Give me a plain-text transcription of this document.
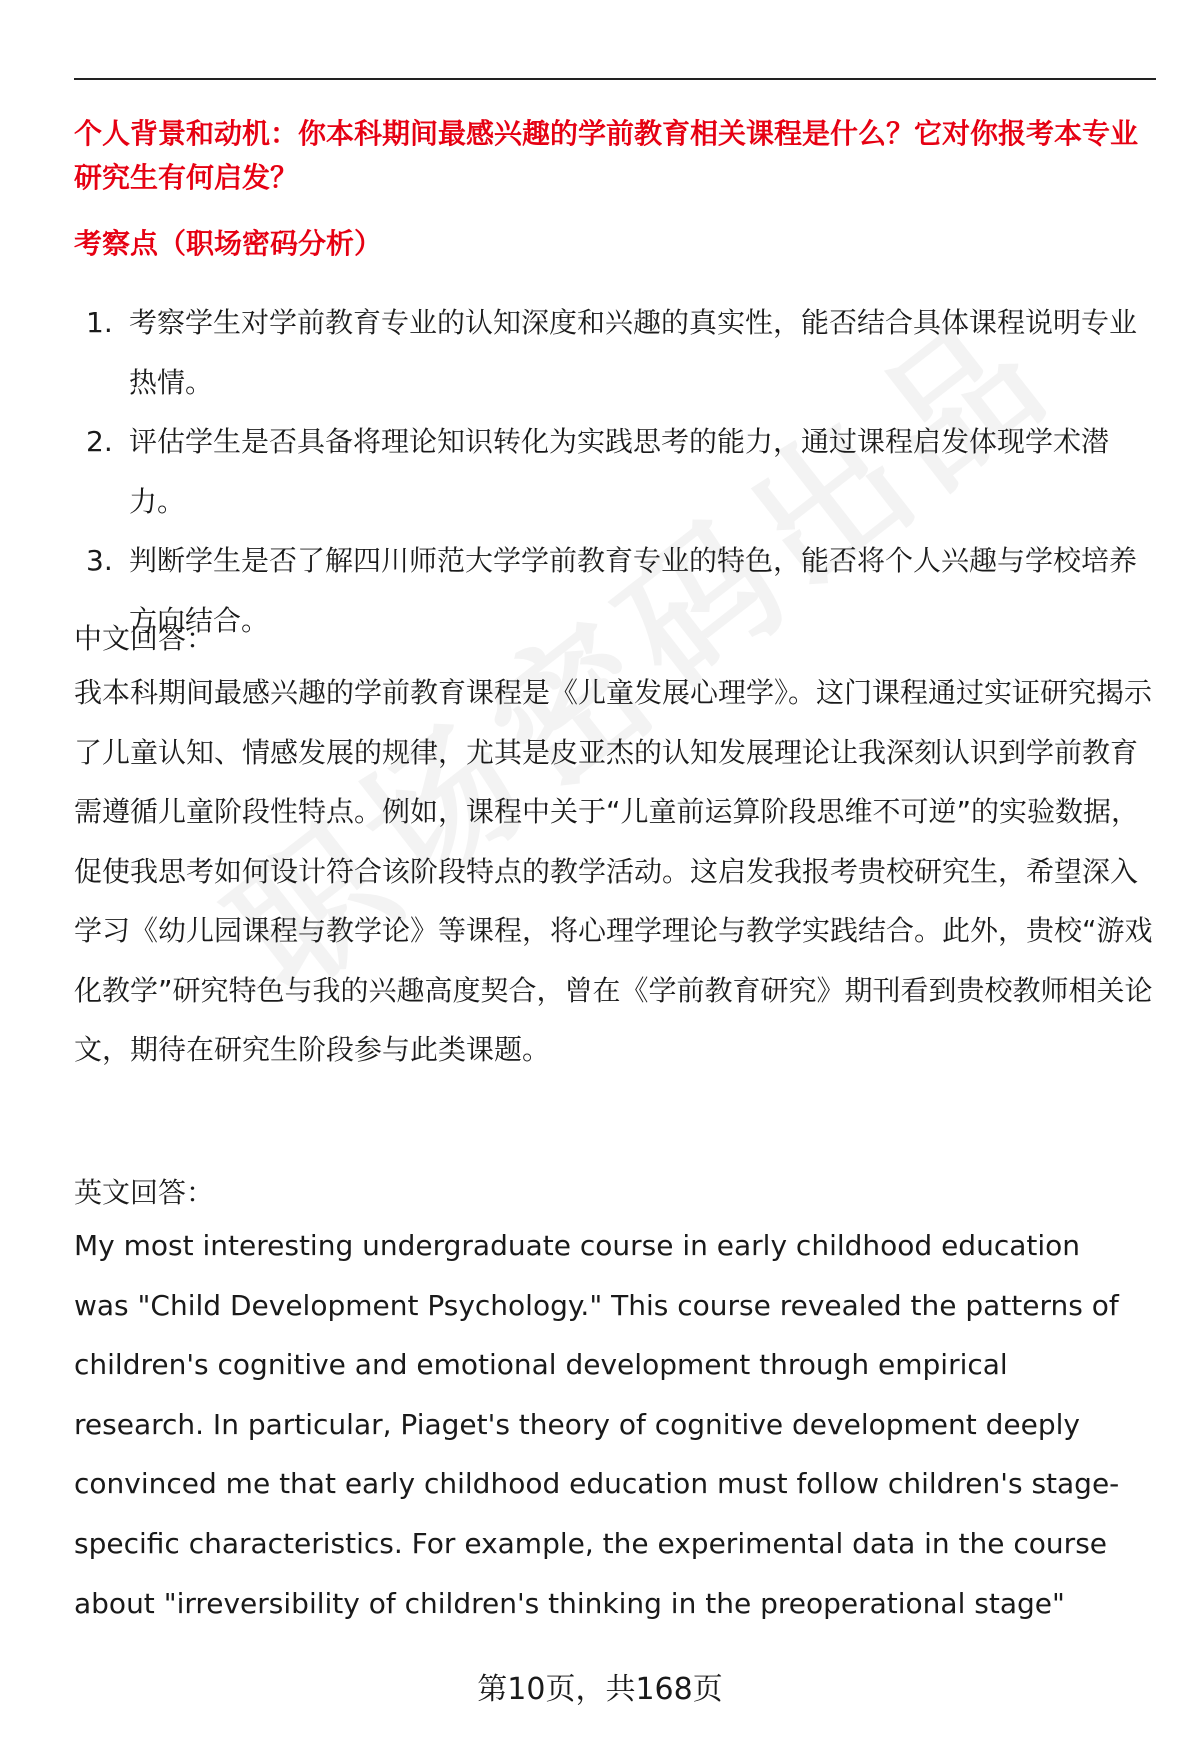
个人背景和动机：你本科期间最感兴趣的学前教育相关课程是什么？它对你报考本专业研究生有何启发？

考察点（职场密码分析）

1. 考察学生对学前教育专业的认知深度和兴趣的真实性，能否结合具体课程说明专业热情。
2. 评估学生是否具备将理论知识转化为实践思考的能力，通过课程启发体现学术潜力。
3. 判断学生是否了解四川师范大学学前教育专业的特色，能否将个人兴趣与学校培养方向结合。

中文回答：

我本科期间最感兴趣的学前教育课程是《儿童发展心理学》。这门课程通过实证研究揭示了儿童认知、情感发展的规律，尤其是皮亚杰的认知发展理论让我深刻认识到学前教育需遵循儿童阶段性特点。例如，课程中关于“儿童前运算阶段思维不可逆”的实验数据，促使我思考如何设计符合该阶段特点的教学活动。这启发我报考贵校研究生，希望深入学习《幼儿园课程与教学论》等课程，将心理学理论与教学实践结合。此外，贵校“游戏化教学”研究特色与我的兴趣高度契合，曾在《学前教育研究》期刊看到贵校教师相关论文，期待在研究生阶段参与此类课题。

英文回答：

My most interesting undergraduate course in early childhood education was "Child Development Psychology." This course revealed the patterns of children's cognitive and emotional development through empirical research. In particular, Piaget's theory of cognitive development deeply convinced me that early childhood education must follow children's stage-specific characteristics. For example, the experimental data in the course about "irreversibility of children's thinking in the preoperational stage"

第10页，共168页
